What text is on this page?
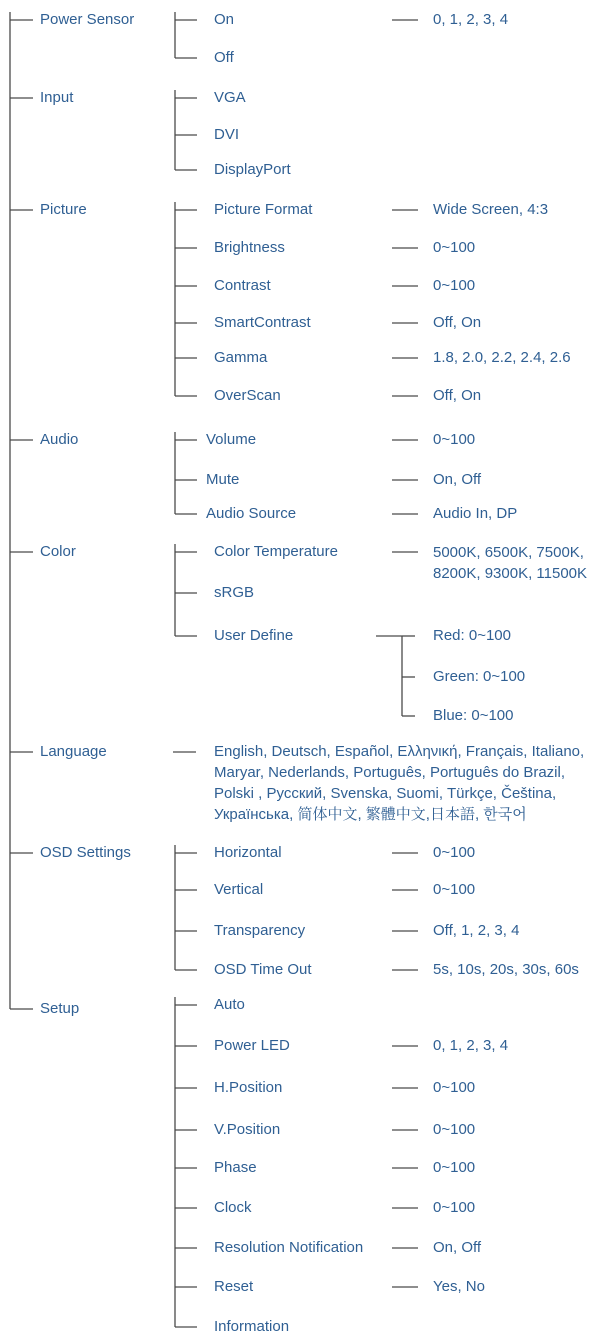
Power Sensor	On	0, 1, 2, 3, 4
Off
Input	VGA
DVI
DisplayPort
Picture	Picture Format	Wide Screen, 4:3
Brightness	0~100
Contrast	0~100
SmartContrast	Off, On
Gamma	1.8, 2.0, 2.2, 2.4, 2.6
OverScan	Off, On
Audio	Volume	0~100
Mute	On, Off
Audio Source	Audio In, DP
Color	Color Temperature	5000K, 6500K, 7500K, 8200K, 9300K, 11500K
sRGB
User Define	Red: 0~100
Green: 0~100
Blue: 0~100
Language	English, Deutsch, Español, Ελληνική, Français, Italiano, Maryar, Nederlands, Português, Português do Brazil, Polski , Русский, Svenska, Suomi, Türkçe, Čeština, Українська, 简体中文, 繁體中文,日本語, 한국어
OSD Settings	Horizontal	0~100
Vertical	0~100
Transparency	Off, 1, 2, 3, 4
OSD Time Out	5s, 10s, 20s, 30s, 60s
Setup	Auto
Power LED	0, 1, 2, 3, 4
H.Position	0~100
V.Position	0~100
Phase	0~100
Clock	0~100
Resolution Notification	On, Off
Reset	Yes, No
Information
